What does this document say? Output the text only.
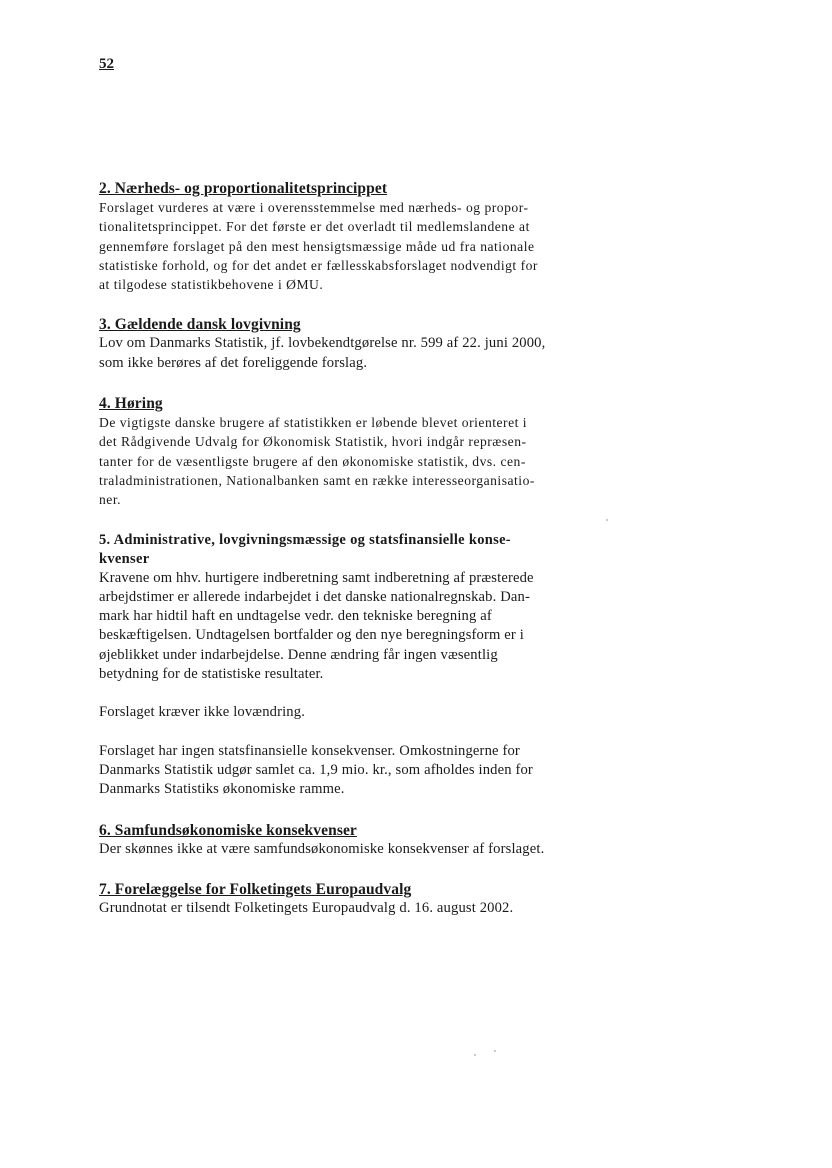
52

2. Nærheds- og proportionalitetsprincippet

Forslaget vurderes at være i overensstemmelse med nærheds- og propor-
tionalitetsprincippet. For det første er det overladt til medlemslandene at
gennemføre forslaget på den mest hensigtsmæssige måde ud fra nationale
statistiske forhold, og for det andet er fællesskabsforslaget nodvendigt for
at tilgodese statistikbehovene i ØMU.

3. Gældende dansk lovgivning

Lov om Danmarks Statistik, jf. lovbekendtgørelse nr. 599 af 22. juni 2000,
som ikke berøres af det foreliggende forslag.

4. Høring

De vigtigste danske brugere af statistikken er løbende blevet orienteret i
det Rådgivende Udvalg for Økonomisk Statistik, hvori indgår repræsen-
tanter for de væsentligste brugere af den økonomiske statistik, dvs. cen-
traladministrationen, Nationalbanken samt en række interesseorganisatio-
ner.

5. Administrative, lovgivningsmæssige og statsfinansielle konse-
kvenser

Kravene om hhv. hurtigere indberetning samt indberetning af præsterede
arbejdstimer er allerede indarbejdet i det danske nationalregnskab. Dan-
mark har hidtil haft en undtagelse vedr. den tekniske beregning af
beskæftigelsen. Undtagelsen bortfalder og den nye beregningsform er i
øjeblikket under indarbejdelse. Denne ændring får ingen væsentlig
betydning for de statistiske resultater.

Forslaget kræver ikke lovændring.

Forslaget har ingen statsfinansielle konsekvenser. Omkostningerne for
Danmarks Statistik udgør samlet ca. 1,9 mio. kr., som afholdes inden for
Danmarks Statistiks økonomiske ramme.

6. Samfundsøkonomiske konsekvenser

Der skønnes ikke at være samfundsøkonomiske konsekvenser af forslaget.

7. Forelæggelse for Folketingets Europaudvalg

Grundnotat er tilsendt Folketingets Europaudvalg d. 16. august 2002.
